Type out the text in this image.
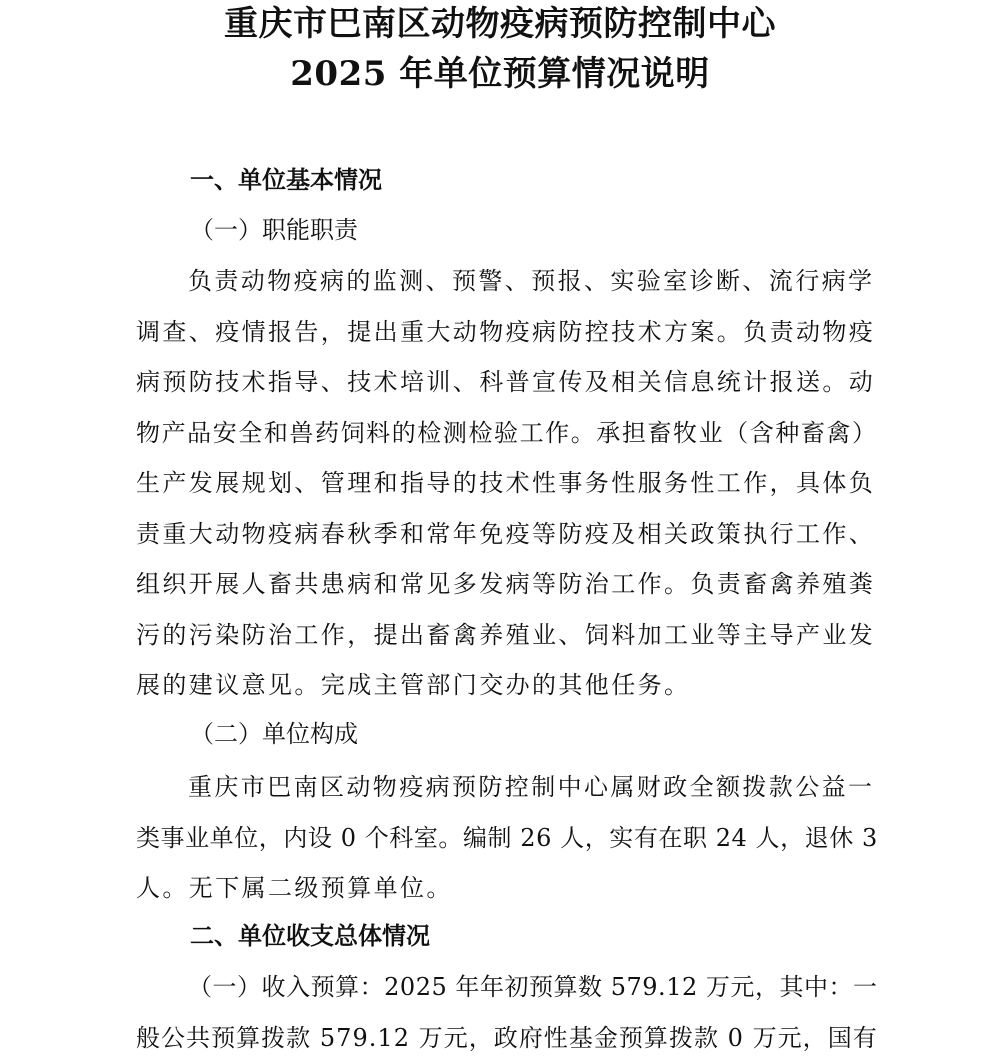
重庆市巴南区动物疫病预防控制中心
2025 年单位预算情况说明
一、单位基本情况
（一）职能职责
负责动物疫病的监测、预警、预报、实验室诊断、流行病学
调查、疫情报告，提出重大动物疫病防控技术方案。负责动物疫
病预防技术指导、技术培训、科普宣传及相关信息统计报送。动
物产品安全和兽药饲料的检测检验工作。承担畜牧业（含种畜禽）
生产发展规划、管理和指导的技术性事务性服务性工作，具体负
责重大动物疫病春秋季和常年免疫等防疫及相关政策执行工作、
组织开展人畜共患病和常见多发病等防治工作。负责畜禽养殖粪
污的污染防治工作，提出畜禽养殖业、饲料加工业等主导产业发
展的建议意见。完成主管部门交办的其他任务。
（二）单位构成
重庆市巴南区动物疫病预防控制中心属财政全额拨款公益一
类事业单位，内设 0 个科室。编制 26 人，实有在职 24 人，退休 3
人。无下属二级预算单位。
二、单位收支总体情况
（一）收入预算：2025 年年初预算数 579.12 万元，其中：一
般公共预算拨款 579.12 万元，政府性基金预算拨款 0 万元，国有
